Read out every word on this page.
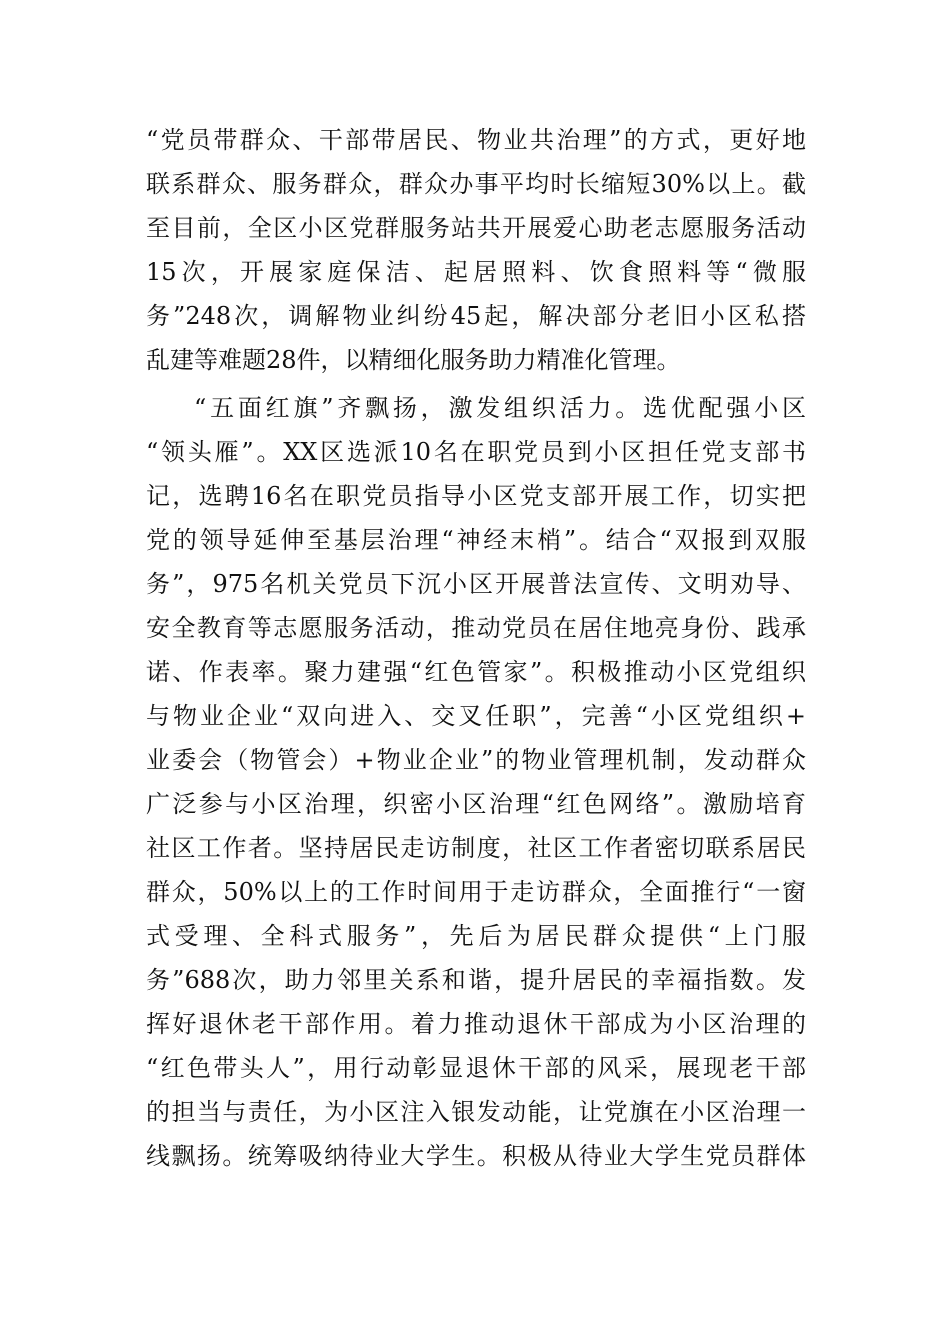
“党员带群众、干部带居民、物业共治理”的方式，更好地
联系群众、服务群众，群众办事平均时长缩短30%以上。截
至目前，全区小区党群服务站共开展爱心助老志愿服务活动
15次，开展家庭保洁、起居照料、饮食照料等“微服
务”248次，调解物业纠纷45起，解决部分老旧小区私搭
乱建等难题28件，以精细化服务助力精准化管理。
“五面红旗”齐飘扬，激发组织活力。选优配强小区
“领头雁”。XX区选派10名在职党员到小区担任党支部书
记，选聘16名在职党员指导小区党支部开展工作，切实把
党的领导延伸至基层治理“神经末梢”。结合“双报到双服
务”，975名机关党员下沉小区开展普法宣传、文明劝导、
安全教育等志愿服务活动，推动党员在居住地亮身份、践承
诺、作表率。聚力建强“红色管家”。积极推动小区党组织
与物业企业“双向进入、交叉任职”，完善“小区党组织+
业委会（物管会）+物业企业”的物业管理机制，发动群众
广泛参与小区治理，织密小区治理“红色网络”。激励培育
社区工作者。坚持居民走访制度，社区工作者密切联系居民
群众，50%以上的工作时间用于走访群众，全面推行“一窗
式受理、全科式服务”，先后为居民群众提供“上门服
务”688次，助力邻里关系和谐，提升居民的幸福指数。发
挥好退休老干部作用。着力推动退休干部成为小区治理的
“红色带头人”，用行动彰显退休干部的风采，展现老干部
的担当与责任，为小区注入银发动能，让党旗在小区治理一
线飘扬。统筹吸纳待业大学生。积极从待业大学生党员群体
